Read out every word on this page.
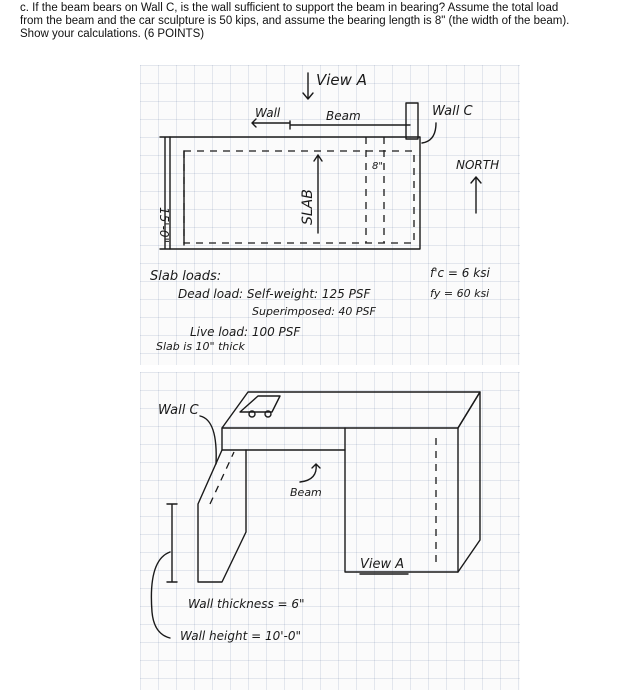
c. If the beam bears on Wall C, is the wall sufficient to support the beam in bearing? Assume the total load
from the beam and the car sculpture is 50 kips, and assume the bearing length is 8" (the width of the beam).
Show your calculations. (6 POINTS)
View A
Wall	Beam	Wall C
8"
15'-0"	SLAB
NORTH
Slab loads:
Dead load: Self-weight: 125 PSF
Superimposed: 40 PSF
Live load: 100 PSF
Slab is 10" thick
f'c = 6 ksi
fy = 60 ksi
Wall C
Beam
View A
Wall thickness = 6"
Wall height = 10'-0"
